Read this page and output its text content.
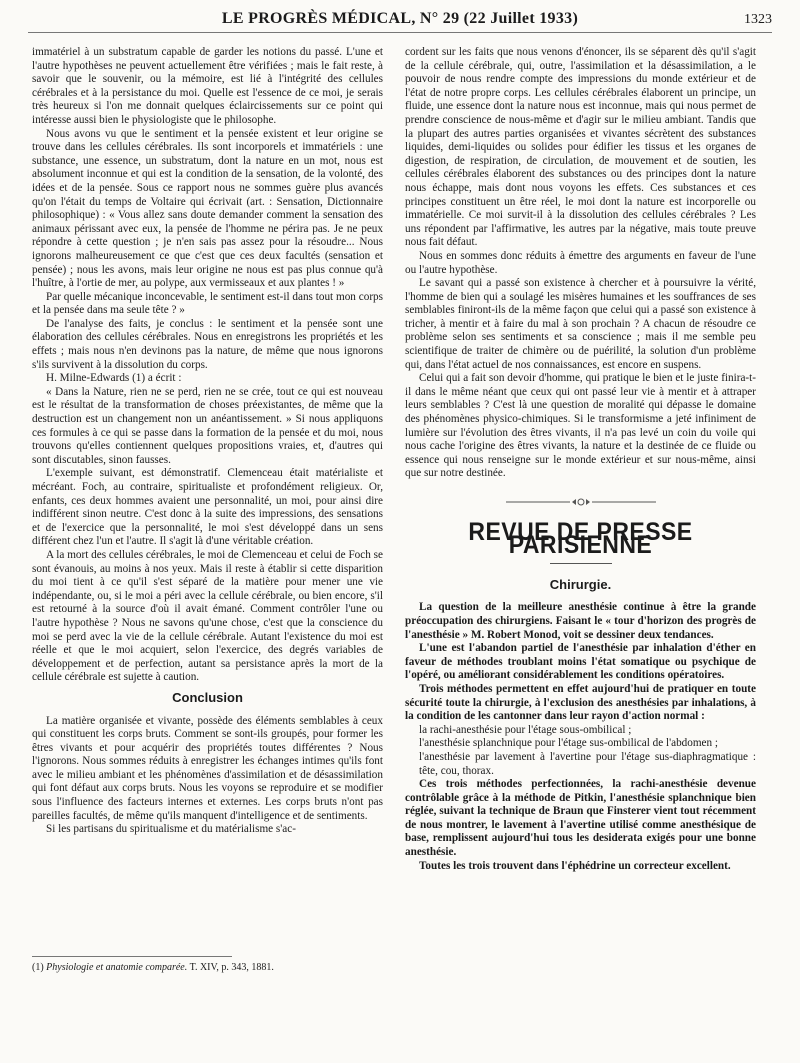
LE PROGRÈS MÉDICAL, N° 29 (22 Juillet 1933)	1323

immatériel à un substratum capable de garder les notions du passé. L'une et l'autre hypothèses ne peuvent actuellement être vérifiées ; mais le fait reste, à savoir que le souvenir, ou la mémoire, est lié à l'intégrité des cellules cérébrales et à la persistance du moi. Quelle est l'essence de ce moi, je serais très heureux si l'on me donnait quelques éclaircissements sur ce point qui intéresse aussi bien le physiologiste que le philosophe.

Nous avons vu que le sentiment et la pensée existent et leur origine se trouve dans les cellules cérébrales. Ils sont incorporels et immatériels : une substance, une essence, un substratum, dont la nature en un mot, nous est absolument inconnue et qui est la condition de la sensation, de la volonté, des idées et de la pensée. Sous ce rapport nous ne sommes guère plus avancés qu'on l'était du temps de Voltaire qui écrivait (art. : Sensation, Dictionnaire philosophique) : « Vous allez sans doute demander comment la sensation des animaux périssant avec eux, la pensée de l'homme ne périra pas. Je ne peux répondre à cette question ; je n'en sais pas assez pour la résoudre... Nous ignorons malheureusement ce que c'est que ces deux facultés (sensation et pensée) ; nous les avons, mais leur origine ne nous est pas plus connue qu'à l'huître, à l'ortie de mer, au polype, aux vermisseaux et aux plantes ! »

Par quelle mécanique inconcevable, le sentiment est-il dans tout mon corps et la pensée dans ma seule tête ? »

De l'analyse des faits, je conclus : le sentiment et la pensée sont une élaboration des cellules cérébrales. Nous en enregistrons les propriétés et les effets ; mais nous n'en devinons pas la nature, de même que nous ignorons s'ils survivent à la dissolution du corps.

H. Milne-Edwards (1) a écrit :

« Dans la Nature, rien ne se perd, rien ne se crée, tout ce qui est nouveau est le résultat de la transformation de choses préexistantes, de même que la destruction est un changement non un anéantissement. » Si nous appliquons ces formules à ce qui se passe dans la formation de la pensée et du moi, nous trouvons qu'elles contiennent quelques propositions vraies, et, d'autres qui sont discutables, sinon fausses.

L'exemple suivant, est démonstratif. Clemenceau était matérialiste et mécréant. Foch, au contraire, spiritualiste et profondément religieux. Or, enfants, ces deux hommes avaient une personnalité, un moi, pour ainsi dire indifférent sinon neutre. C'est donc à la suite des impressions, des sensations et de l'exercice que la personnalité, le moi s'est développé dans un sens différent chez l'un et l'autre. Il s'agit là d'une véritable création.

A la mort des cellules cérébrales, le moi de Clemenceau et celui de Foch se sont évanouis, au moins à nos yeux. Mais il reste à établir si cette disparition du moi tient à ce qu'il s'est séparé de la matière pour mener une vie indépendante, ou, si le moi a péri avec la cellule cérébrale, ou bien encore, s'il est retourné à la source d'où il avait émané. Comment contrôler l'une ou l'autre hypothèse ? Nous ne savons qu'une chose, c'est que la conscience du moi se perd avec la vie de la cellule cérébrale. Autant l'existence du moi est réelle et que le moi acquiert, selon l'exercice, des degrés variables de développement et de perfection, autant sa persistance après la mort de la cellule cérébrale est sujette à caution.

Conclusion

La matière organisée et vivante, possède des éléments semblables à ceux qui constituent les corps bruts. Comment se sont-ils groupés, pour former les êtres vivants et pour acquérir des propriétés toutes différentes ? Nous l'ignorons. Nous sommes réduits à enregistrer les échanges intimes qu'ils font avec le milieu ambiant et les phénomènes d'assimilation et de désassimilation qui font défaut aux corps bruts. Nous les voyons se reproduire et se modifier sous l'influence des facteurs internes et externes. Les corps bruts n'ont pas pareilles facultés, de même qu'ils manquent d'intelligence et de sentiments.

Si les partisans du spiritualisme et du matérialisme s'ac-

(1) Physiologie et anatomie comparée. T. XIV, p. 343, 1881.

cordent sur les faits que nous venons d'énoncer, ils se séparent dès qu'il s'agit de la cellule cérébrale, qui, outre, l'assimilation et la désassimilation, a le pouvoir de nous rendre compte des impressions du monde extérieur et de l'état de notre propre corps. Les cellules cérébrales élaborent un principe, un fluide, une essence dont la nature nous est inconnue, mais qui nous permet de prendre conscience de nous-même et d'agir sur le milieu ambiant. Tandis que la plupart des autres parties organisées et vivantes sécrètent des substances liquides, demi-liquides ou solides pour édifier les tissus et les organes de digestion, de respiration, de circulation, de mouvement et de soutien, les cellules cérébrales élaborent des substances ou des principes dont la nature nous échappe, mais dont nous voyons les effets. Ces substances et ces principes constituent un être réel, le moi dont la nature est incorporelle ou immatérielle. Ce moi survit-il à la dissolution des cellules cérébrales ? Les uns répondent par l'affirmative, les autres par la négative, mais toute preuve nous fait défaut.

Nous en sommes donc réduits à émettre des arguments en faveur de l'une ou l'autre hypothèse.

Le savant qui a passé son existence à chercher et à poursuivre la vérité, l'homme de bien qui a soulagé les misères humaines et les souffrances de ses semblables finiront-ils de la même façon que celui qui a passé son existence à tricher, à mentir et à faire du mal à son prochain ? A chacun de résoudre ce problème selon ses sentiments et sa conscience ; mais il me semble peu scientifique de traiter de chimère ou de puérilité, la solution d'un problème qui, dans l'état actuel de nos connaissances, est encore en suspens.

Celui qui a fait son devoir d'homme, qui pratique le bien et le juste finira-t-il dans le même néant que ceux qui ont passé leur vie à mentir et à attraper leurs semblables ? C'est là une question de moralité qui dépasse le domaine des phénomènes physico-chimiques. Si le transformisme a jeté infiniment de lumière sur l'évolution des êtres vivants, il n'a pas levé un coin du voile qui nous cache l'origine des êtres vivants, la nature et la destinée de ce fluide ou essence qui nous renseigne sur le monde extérieur et sur nous-même, ainsi que sur notre destinée.

REVUE DE PRESSE PARISIENNE
Chirurgie.

La question de la meilleure anesthésie continue à être la grande préoccupation des chirurgiens. Faisant le « tour d'horizon des progrès de l'anesthésie » M. Robert Monod, voit se dessiner deux tendances.

L'une est l'abandon partiel de l'anesthésie par inhalation d'éther en faveur de méthodes troublant moins l'état somatique ou psychique de l'opéré, ou améliorant considérablement les conditions opératoires.

Trois méthodes permettent en effet aujourd'hui de pratiquer en toute sécurité toute la chirurgie, à l'exclusion des anesthésies par inhalations, à la condition de les cantonner dans leur rayon d'action normal :

la rachi-anesthésie pour l'étage sous-ombilical ;

l'anesthésie splanchnique pour l'étage sus-ombilical de l'abdomen ;

l'anesthésie par lavement à l'avertine pour l'étage sus-diaphragmatique : tête, cou, thorax.

Ces trois méthodes perfectionnées, la rachi-anesthésie devenue contrôlable grâce à la méthode de Pitkin, l'anesthésie splanchnique bien réglée, suivant la technique de Braun que Finsterer vient tout récemment de nous montrer, le lavement à l'avertine utilisé comme anesthésique de base, remplissent aujourd'hui tous les desiderata exigés pour une bonne anesthésie.

Toutes les trois trouvent dans l'éphédrine un correcteur excellent.
